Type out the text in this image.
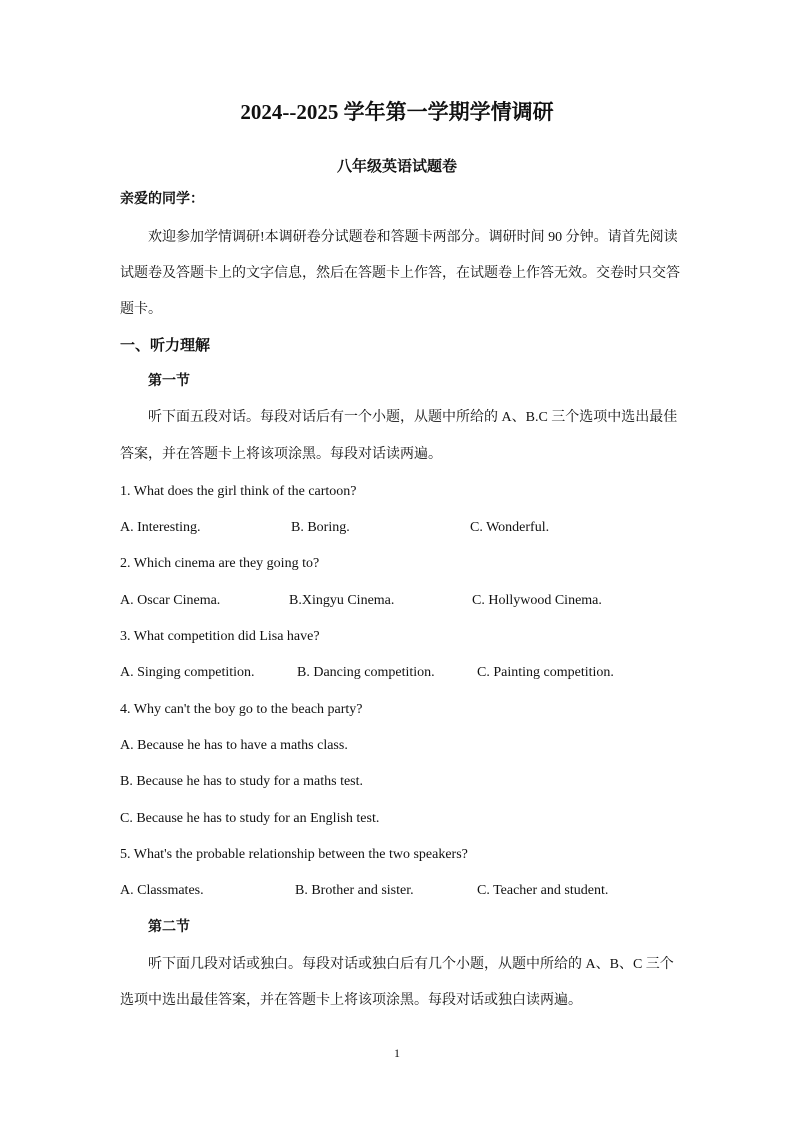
2024--2025 学年第一学期学情调研
八年级英语试题卷
亲爱的同学：
欢迎参加学情调研!本调研卷分试题卷和答题卡两部分。调研时间 90 分钟。请首先阅读
试题卷及答题卡上的文字信息，然后在答题卡上作答，在试题卷上作答无效。交卷时只交答
题卡。
一、听力理解
第一节
听下面五段对话。每段对话后有一个小题，从题中所给的 A、B.C 三个选项中选出最佳
答案，并在答题卡上将该项涂黑。每段对话读两遍。
1. What does the girl think of the cartoon?
A. Interesting.	B. Boring.	C. Wonderful.
2. Which cinema are they going to?
A. Oscar Cinema.	B.Xingyu Cinema.	C. Hollywood Cinema.
3. What competition did Lisa have?
A. Singing competition.	B. Dancing competition.	C. Painting competition.
4. Why can't the boy go to the beach party?
A. Because he has to have a maths class.
B. Because he has to study for a maths test.
C. Because he has to study for an English test.
5. What's the probable relationship between the two speakers?
A. Classmates.	B. Brother and sister.	C. Teacher and student.
第二节
听下面几段对话或独白。每段对话或独白后有几个小题，从题中所给的 A、B、C 三个
选项中选出最佳答案，并在答题卡上将该项涂黑。每段对话或独白读两遍。
1
